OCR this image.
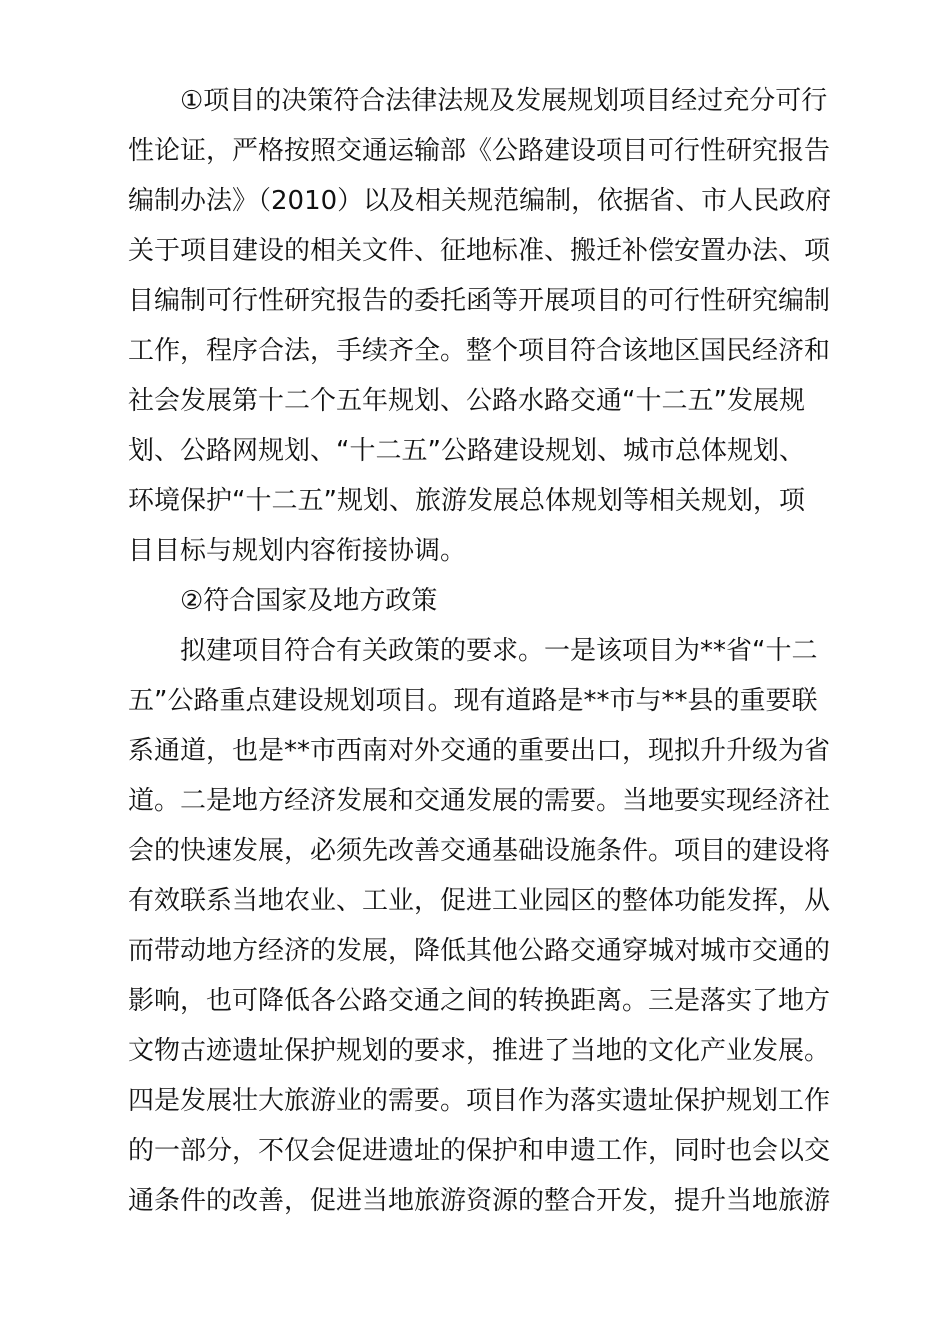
①项目的决策符合法律法规及发展规划项目经过充分可行
性论证，严格按照交通运输部《公路建设项目可行性研究报告
编制办法》（2010）以及相关规范编制，依据省、市人民政府
关于项目建设的相关文件、征地标准、搬迁补偿安置办法、项
目编制可行性研究报告的委托函等开展项目的可行性研究编制
工作，程序合法，手续齐全。整个项目符合该地区国民经济和
社会发展第十二个五年规划、公路水路交通“十二五”发展规
划、公路网规划、“十二五”公路建设规划、城市总体规划、
环境保护“十二五”规划、旅游发展总体规划等相关规划，项
目目标与规划内容衔接协调。

②符合国家及地方政策

拟建项目符合有关政策的要求。一是该项目为**省“十二
五”公路重点建设规划项目。现有道路是**市与**县的重要联
系通道，也是**市西南对外交通的重要出口，现拟升升级为省
道。二是地方经济发展和交通发展的需要。当地要实现经济社
会的快速发展，必须先改善交通基础设施条件。项目的建设将
有效联系当地农业、工业，促进工业园区的整体功能发挥，从
而带动地方经济的发展，降低其他公路交通穿城对城市交通的
影响，也可降低各公路交通之间的转换距离。三是落实了地方
文物古迹遗址保护规划的要求，推进了当地的文化产业发展。
四是发展壮大旅游业的需要。项目作为落实遗址保护规划工作
的一部分，不仅会促进遗址的保护和申遗工作，同时也会以交
通条件的改善，促进当地旅游资源的整合开发，提升当地旅游
